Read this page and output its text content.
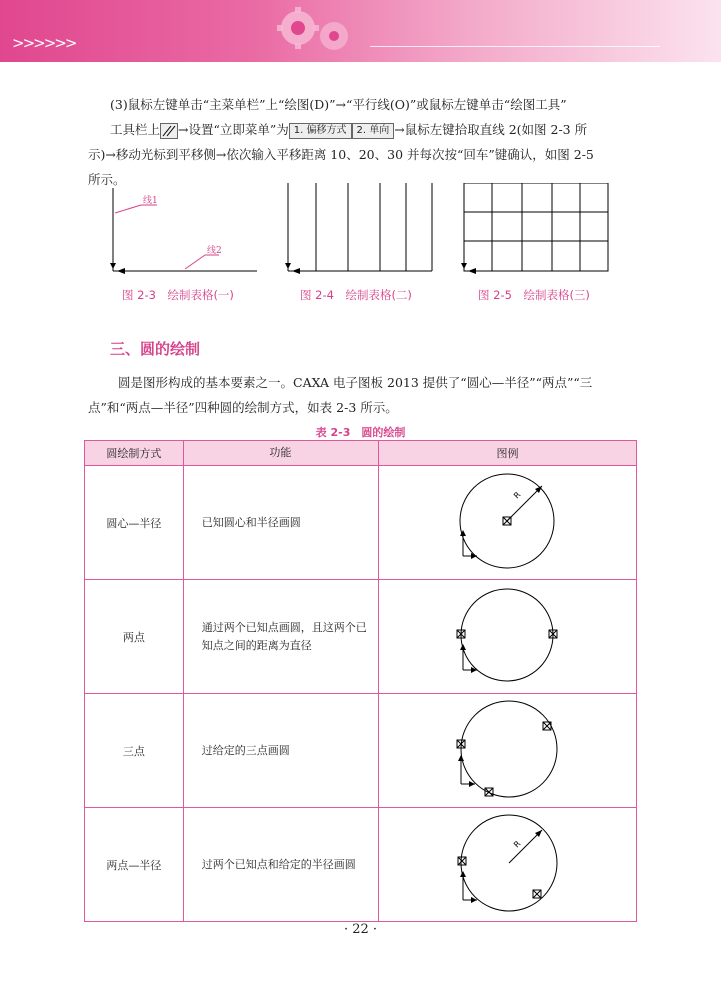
>>>>>>
(3)鼠标左键单击“主菜单栏”上“绘图(D)”→“平行线(O)”或鼠标左键单击“绘图工具”
工具栏上 →设置“立即菜单”为 1. 偏移方式 2. 单向 →鼠标左键拾取直线 2(如图 2-3 所
示)→移动光标到平移侧→依次输入平移距离 10、20、30 并每次按“回车”键确认，如图 2-5
所示。
线1
线2
图 2-3　绘制表格(一)	图 2-4　绘制表格(二)	图 2-5　绘制表格(三)
三、圆的绘制
圆是图形构成的基本要素之一。CAXA 电子图板 2013 提供了“圆心—半径”“两点”“三
点”和“两点—半径”四种圆的绘制方式，如表 2-3 所示。
表 2-3　圆的绘制
圆绘制方式	功能	图例
圆心—半径	已知圆心和半径画圆	R

两点	通过两个已知点画圆，且这两个已知点之间的距离为直径	
三点	过给定的三点画圆	
两点—半径	过两个已知点和给定的半径画圆	R
· 22 ·
